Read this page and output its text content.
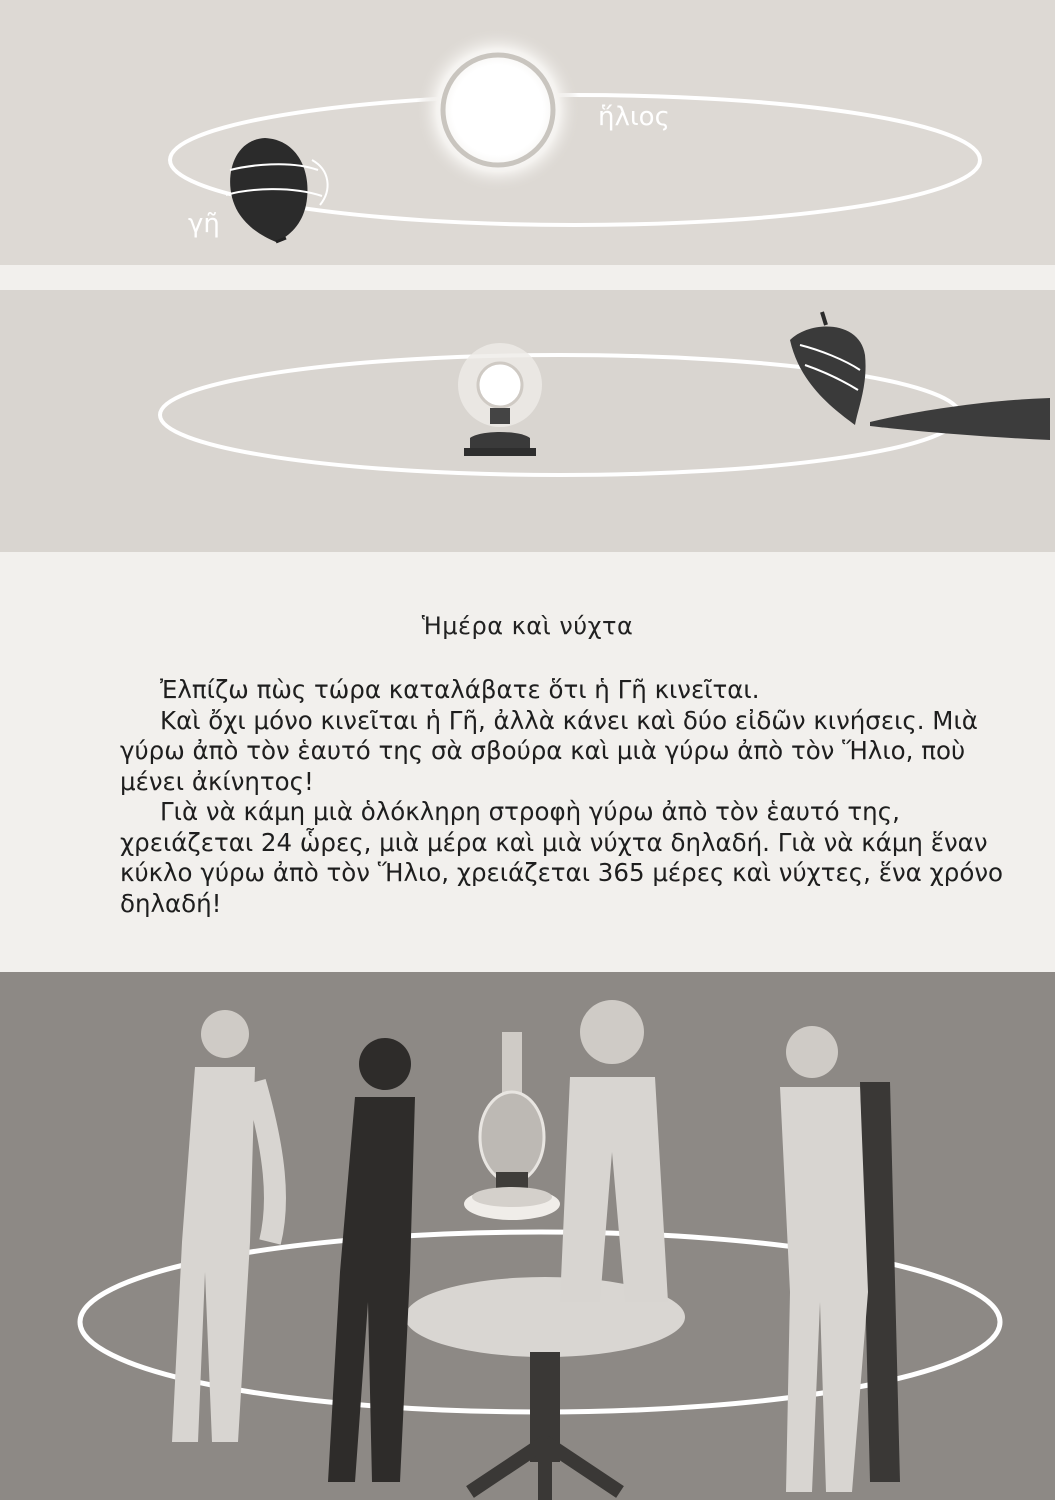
ἥλιος
γῆ
Ἡμέρα καὶ νύχτα

Ἐλπίζω πὼς τώρα καταλάβατε ὅτι ἡ Γῆ κινεῖται.

Καὶ ὄχι μόνο κινεῖται ἡ Γῆ, ἀλλὰ κάνει καὶ δύο εἰδῶν κινήσεις. Μιὰ γύρω ἀπὸ τὸν ἑαυτό της σὰ σβούρα καὶ μιὰ γύρω ἀπὸ τὸν Ἥλιο, ποὺ μένει ἀκίνητος!

Γιὰ νὰ κάμη μιὰ ὁλόκληρη στροφὴ γύρω ἀπὸ τὸν ἑαυτό της, χρειάζεται 24 ὧρες, μιὰ μέρα καὶ μιὰ νύχτα δηλαδή. Γιὰ νὰ κάμη ἕναν κύκλο γύρω ἀπὸ τὸν Ἥλιο, χρειάζεται 365 μέρες καὶ νύχτες, ἕνα χρόνο δηλαδή!
